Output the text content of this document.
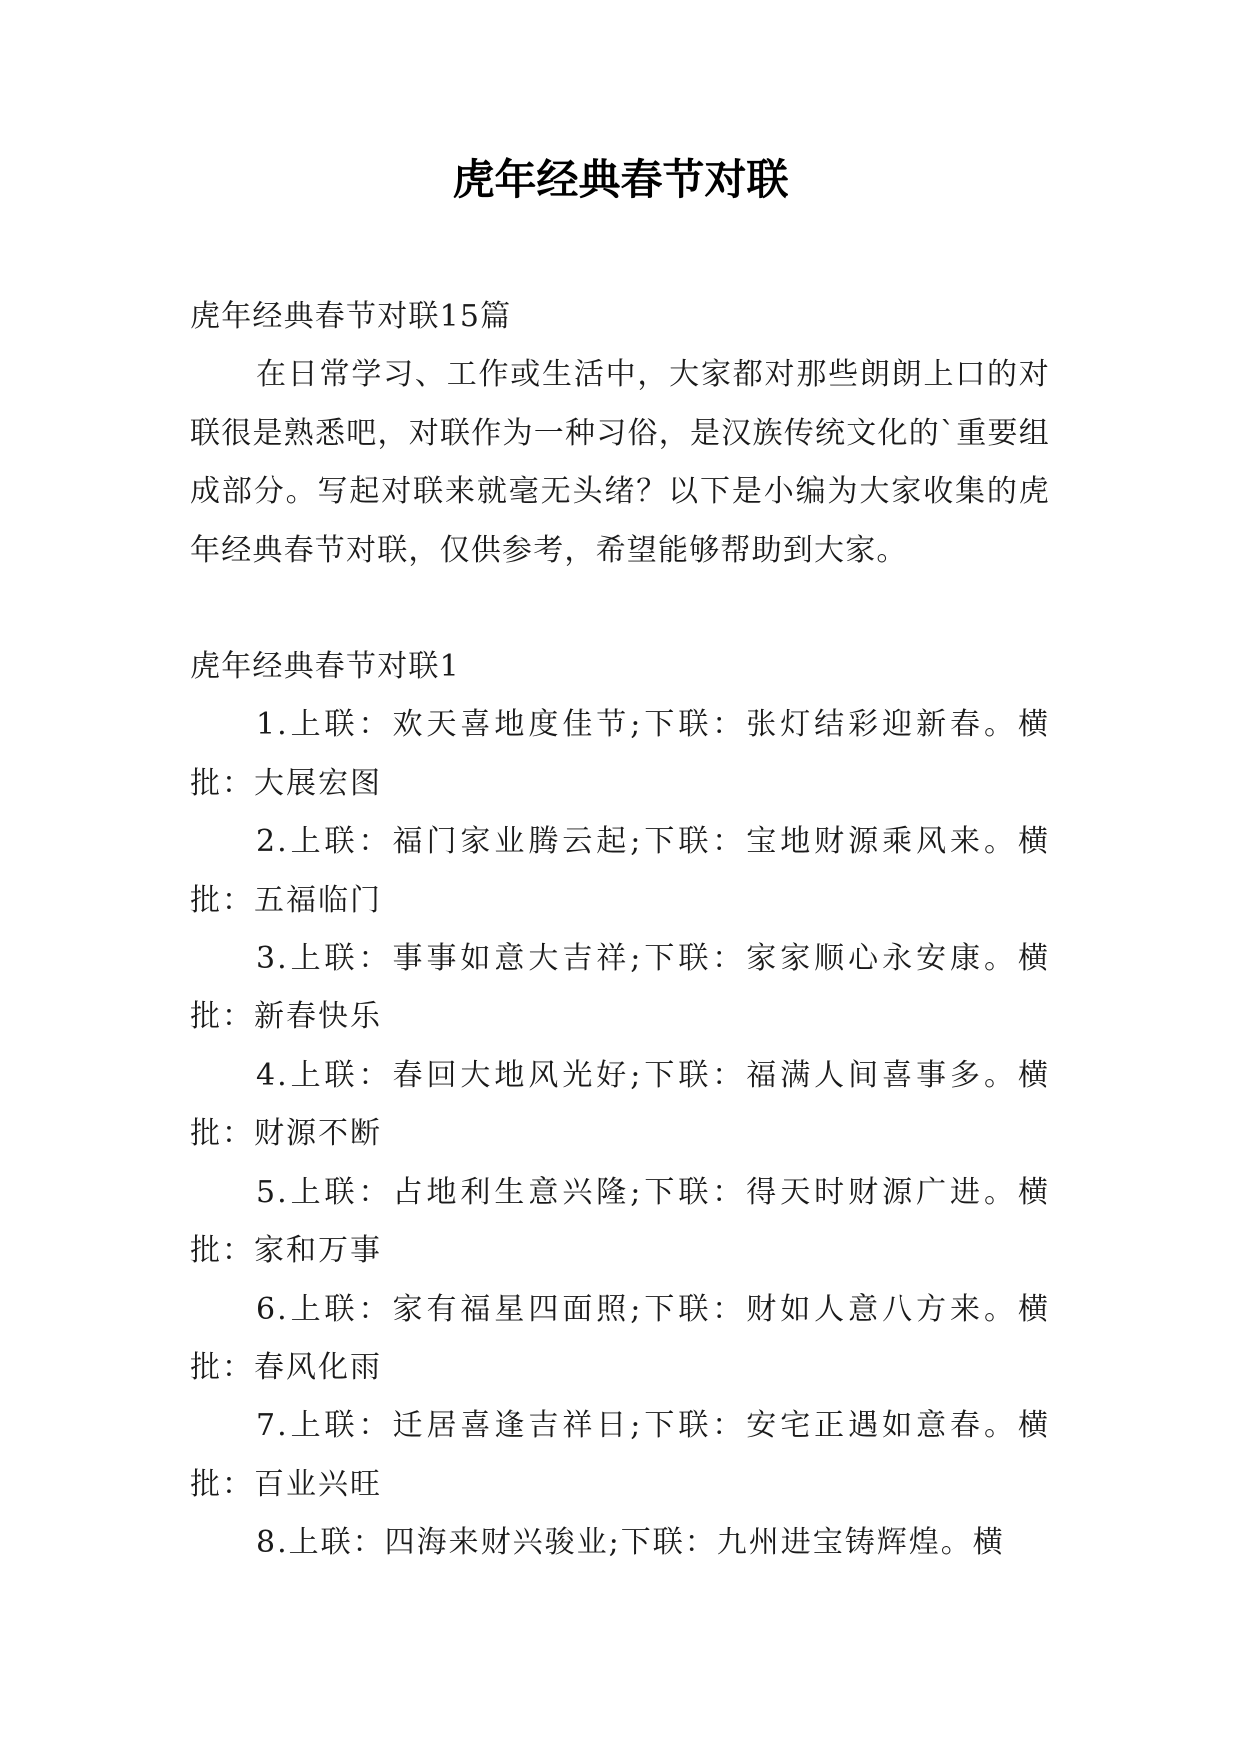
虎年经典春节对联

虎年经典春节对联15篇

在日常学习、工作或生活中，大家都对那些朗朗上口的对联很是熟悉吧，对联作为一种习俗，是汉族传统文化的`重要组成部分。写起对联来就毫无头绪？以下是小编为大家收集的虎年经典春节对联，仅供参考，希望能够帮助到大家。

虎年经典春节对联1

1.上联：欢天喜地度佳节;下联：张灯结彩迎新春。横批：大展宏图

2.上联：福门家业腾云起;下联：宝地财源乘风来。横批：五福临门

3.上联：事事如意大吉祥;下联：家家顺心永安康。横批：新春快乐

4.上联：春回大地风光好;下联：福满人间喜事多。横批：财源不断

5.上联：占地利生意兴隆;下联：得天时财源广进。横批：家和万事

6.上联：家有福星四面照;下联：财如人意八方来。横批：春风化雨

7.上联：迁居喜逢吉祥日;下联：安宅正遇如意春。横批：百业兴旺

8.上联：四海来财兴骏业;下联：九州进宝铸辉煌。横
